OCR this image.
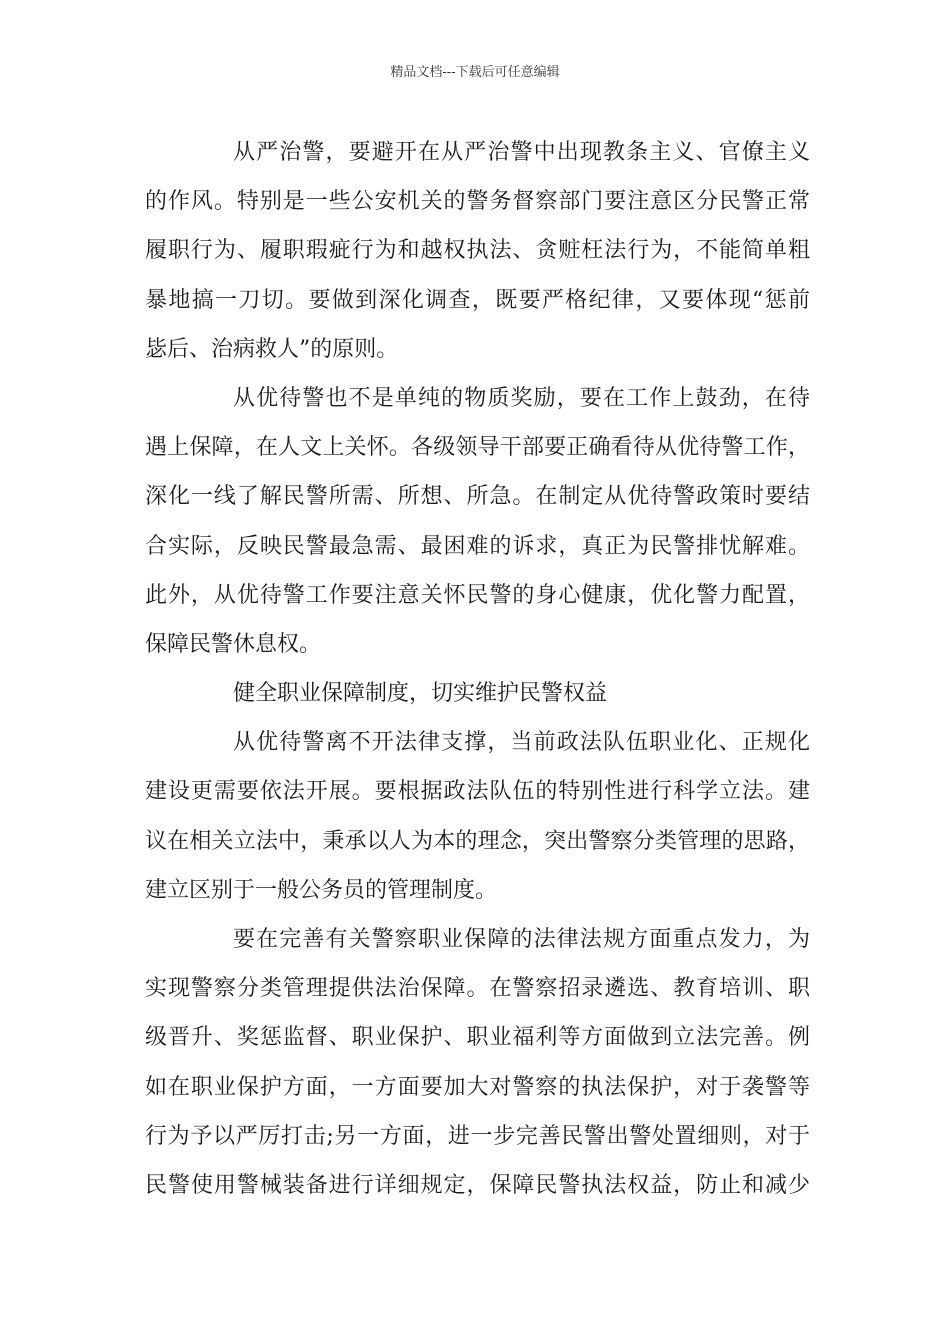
精品文档---下载后可任意编辑
从严治警，要避开在从严治警中出现教条主义、官僚主义
的作风。特别是一些公安机关的警务督察部门要注意区分民警正常
履职行为、履职瑕疵行为和越权执法、贪赃枉法行为，不能简单粗
暴地搞一刀切。要做到深化调查，既要严格纪律，又要体现“惩前
毖后、治病救人”的原则。
从优待警也不是单纯的物质奖励，要在工作上鼓劲，在待
遇上保障，在人文上关怀。各级领导干部要正确看待从优待警工作，
深化一线了解民警所需、所想、所急。在制定从优待警政策时要结
合实际，反映民警最急需、最困难的诉求，真正为民警排忧解难。
此外，从优待警工作要注意关怀民警的身心健康，优化警力配置，
保障民警休息权。
健全职业保障制度，切实维护民警权益
从优待警离不开法律支撑，当前政法队伍职业化、正规化
建设更需要依法开展。要根据政法队伍的特别性进行科学立法。建
议在相关立法中，秉承以人为本的理念，突出警察分类管理的思路，
建立区别于一般公务员的管理制度。
要在完善有关警察职业保障的法律法规方面重点发力，为
实现警察分类管理提供法治保障。在警察招录遴选、教育培训、职
级晋升、奖惩监督、职业保护、职业福利等方面做到立法完善。例
如在职业保护方面，一方面要加大对警察的执法保护，对于袭警等
行为予以严厉打击;另一方面，进一步完善民警出警处置细则，对于
民警使用警械装备进行详细规定，保障民警执法权益，防止和减少
